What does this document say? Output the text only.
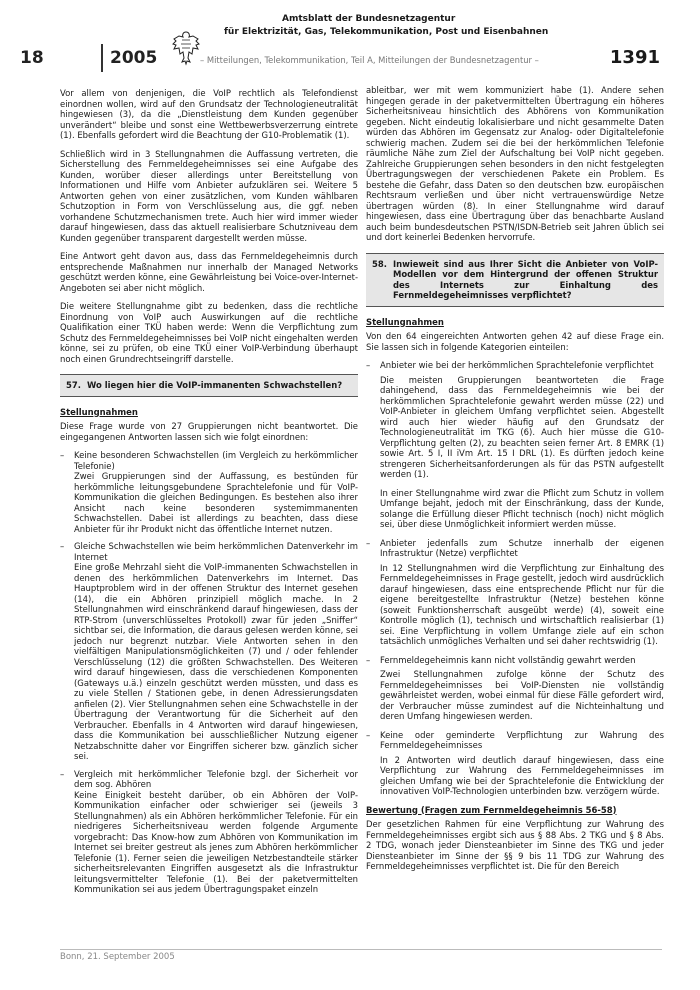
18	2005
Amtsblatt der Bundesnetzagentur
für Elektrizität, Gas, Telekommunikation, Post und Eisenbahnen
– Mitteilungen, Telekommunikation, Teil A, Mitteilungen der Bundesnetzagentur –	1391

Vor allem von denjenigen, die VoIP rechtlich als Telefondienst einordnen wollen, wird auf den Grundsatz der Technologieneutralität hingewiesen (3), da die „Dienstleistung dem Kunden gegenüber unverändert“ bleibe und sonst eine Wettbewerbsverzerrung eintrete (1). Ebenfalls gefordert wird die Beachtung der G10-Problematik (1).

Schließlich wird in 3 Stellungnahmen die Auffassung vertreten, die Sicherstellung des Fernmeldegeheimnisses sei eine Aufgabe des Kunden, worüber dieser allerdings unter Bereitstellung von Informationen und Hilfe vom Anbieter aufzuklären sei. Weitere 5 Antworten gehen von einer zusätzlichen, vom Kunden wählbaren Schutzoption in Form von Verschlüsselung aus, die ggf. neben vorhandene Schutzmechanismen trete. Auch hier wird immer wieder darauf hingewiesen, dass das aktuell realisierbare Schutzniveau dem Kunden gegenüber transparent dargestellt werden müsse.

Eine Antwort geht davon aus, dass das Fernmeldegeheimnis durch entsprechende Maßnahmen nur innerhalb der Managed Networks geschützt werden könne, eine Gewährleistung bei Voice-over-Internet-Angeboten sei aber nicht möglich.

Die weitere Stellungnahme gibt zu bedenken, dass die rechtliche Einordnung von VoIP auch Auswirkungen auf die rechtliche Qualifikation einer TKÜ haben werde: Wenn die Verpflichtung zum Schutz des Fernmeldegeheimnisses bei VoIP nicht eingehalten werden könne, sei zu prüfen, ob eine TKÜ einer VoIP-Verbindung überhaupt noch einen Grundrechtseingriff darstelle.

57. Wo liegen hier die VoIP-immanenten Schwachstellen?
Stellungnahmen

Diese Frage wurde von 27 Gruppierungen nicht beantwortet. Die eingegangenen Antworten lassen sich wie folgt einordnen:

–	Keine besonderen Schwachstellen (im Vergleich zu herkömmlicher Telefonie)
Zwei Gruppierungen sind der Auffassung, es bestünden für herkömmliche leitungsgebundene Sprachtelefonie und für VoIP-Kommunikation die gleichen Bedingungen. Es bestehen also ihrer Ansicht nach keine besonderen systemimmanenten Schwachstellen. Dabei ist allerdings zu beachten, dass diese Anbieter für ihr Produkt nicht das öffentliche Internet nutzen.
–	Gleiche Schwachstellen wie beim herkömmlichen Datenverkehr im Internet
Eine große Mehrzahl sieht die VoIP-immanenten Schwachstellen in denen des herkömmlichen Datenverkehrs im Internet. Das Hauptproblem wird in der offenen Struktur des Internet gesehen (14), die ein Abhören prinzipiell möglich mache. In 2 Stellungnahmen wird einschränkend darauf hingewiesen, dass der RTP-Strom (unverschlüsseltes Protokoll) zwar für jeden „Sniffer“ sichtbar sei, die Information, die daraus gelesen werden könne, sei jedoch nur begrenzt nutzbar. Viele Antworten sehen in den vielfältigen Manipulationsmöglichkeiten (7) und / oder fehlender Verschlüsselung (12) die größten Schwachstellen. Des Weiteren wird darauf hingewiesen, dass die verschiedenen Komponenten (Gateways u.ä.) einzeln geschützt werden müssten, und dass es zu viele Stellen / Stationen gebe, in denen Adressierungsdaten anfielen (2). Vier Stellungnahmen sehen eine Schwachstelle in der Übertragung der Verantwortung für die Sicherheit auf den Verbraucher. Ebenfalls in 4 Antworten wird darauf hingewiesen, dass die Kommunikation bei ausschließlicher Nutzung eigener Netzabschnitte daher vor Eingriffen sicherer bzw. gänzlich sicher sei.
–	Vergleich mit herkömmlicher Telefonie bzgl. der Sicherheit vor dem sog. Abhören
Keine Einigkeit besteht darüber, ob ein Abhören der VoIP-Kommunikation einfacher oder schwieriger sei (jeweils 3 Stellungnahmen) als ein Abhören herkömmlicher Telefonie. Für ein niedrigeres Sicherheitsniveau werden folgende Argumente vorgebracht: Das Know-how zum Abhören von Kommunikation im Internet sei breiter gestreut als jenes zum Abhören herkömmlicher Telefonie (1). Ferner seien die jeweiligen Netzbestandteile stärker sicherheitsrelevanten Eingriffen ausgesetzt als die Infrastruktur leitungsvermittelter Telefonie (1). Bei der paketvermittelten Kommunikation sei aus jedem Übertragungspaket einzeln

ableitbar, wer mit wem kommuniziert habe (1). Andere sehen hingegen gerade in der paketvermittelten Übertragung ein höheres Sicherheitsniveau hinsichtlich des Abhörens von Kommunikation gegeben. Nicht eindeutig lokalisierbare und nicht gesammelte Daten würden das Abhören im Gegensatz zur Analog- oder Digitaltelefonie schwierig machen. Zudem sei die bei der herkömmlichen Telefonie räumliche Nähe zum Ziel der Aufschaltung bei VoIP nicht gegeben. Zahlreiche Gruppierungen sehen besonders in den nicht festgelegten Übertragungswegen der verschiedenen Pakete ein Problem. Es bestehe die Gefahr, dass Daten so den deutschen bzw. europäischen Rechtsraum verließen und über nicht vertrauenswürdige Netze übertragen würden (8). In einer Stellungnahme wird darauf hingewiesen, dass eine Übertragung über das benachbarte Ausland auch beim bundesdeutschen PSTN/ISDN-Betrieb seit Jahren üblich sei und dort keinerlei Bedenken hervorrufe.

58. Inwieweit sind aus Ihrer Sicht die Anbieter von VoIP-Modellen vor dem Hintergrund der offenen Struktur des Internets zur Einhaltung des Fernmeldegeheimnisses verpflichtet?
Stellungnahmen

Von den 64 eingereichten Antworten gehen 42 auf diese Frage ein. Sie lassen sich in folgende Kategorien einteilen:

–	Anbieter wie bei der herkömmlichen Sprachtelefonie verpflichtet

Die meisten Gruppierungen beantworteten die Frage dahingehend, dass das Fernmeldegeheimnis wie bei der herkömmlichen Sprachtelefonie gewahrt werden müsse (22) und VoIP-Anbieter in gleichem Umfang verpflichtet seien. Abgestellt wird auch hier wieder häufig auf den Grundsatz der Technologieneutralität im TKG (6). Auch hier müsse die G10-Verpflichtung gelten (2), zu beachten seien ferner Art. 8 EMRK (1) sowie Art. 5 I, II iVm Art. 15 I DRL (1). Es dürften jedoch keine strengeren Sicherheitsanforderungen als für das PSTN aufgestellt werden (1).

In einer Stellungnahme wird zwar die Pflicht zum Schutz in vollem Umfange bejaht, jedoch mit der Einschränkung, dass der Kunde, solange die Erfüllung dieser Pflicht technisch (noch) nicht möglich sei, über diese Unmöglichkeit informiert werden müsse.

–	Anbieter jedenfalls zum Schutze innerhalb der eigenen Infrastruktur (Netze) verpflichtet

In 12 Stellungnahmen wird die Verpflichtung zur Einhaltung des Fernmeldegeheimnisses in Frage gestellt, jedoch wird ausdrücklich darauf hingewiesen, dass eine entsprechende Pflicht nur für die eigene bereitgestellte Infrastruktur (Netze) bestehen könne (soweit Funktionsherrschaft ausgeübt werde) (4), soweit eine Kontrolle möglich (1), technisch und wirtschaftlich realisierbar (1) sei. Eine Verpflichtung in vollem Umfange ziele auf ein schon tatsächlich unmögliches Verhalten und sei daher rechtswidrig (1).

–	Fernmeldegeheimnis kann nicht vollständig gewahrt werden

Zwei Stellungnahmen zufolge könne der Schutz des Fernmeldegeheimnisses bei VoIP-Diensten nie vollständig gewährleistet werden, wobei einmal für diese Fälle gefordert wird, der Verbraucher müsse zumindest auf die Nichteinhaltung und deren Umfang hingewiesen werden.

–	Keine oder geminderte Verpflichtung zur Wahrung des Fernmeldegeheimnisses

In 2 Antworten wird deutlich darauf hingewiesen, dass eine Verpflichtung zur Wahrung des Fernmeldegeheimnisses im gleichen Umfang wie bei der Sprachtelefonie die Entwicklung der innovativen VoIP-Technologien unterbinden bzw. verzögern würde.

Bewertung (Fragen zum Fernmeldegeheimnis 56-58)

Der gesetzlichen Rahmen für eine Verpflichtung zur Wahrung des Fernmeldegeheimnisses ergibt sich aus § 88 Abs. 2 TKG und § 8 Abs. 2 TDG, wonach jeder Diensteanbieter im Sinne des TKG und jeder Diensteanbieter im Sinne der §§ 9 bis 11 TDG zur Wahrung des Fernmeldegeheimnisses verpflichtet ist. Die für den Bereich

Bonn, 21. September 2005
